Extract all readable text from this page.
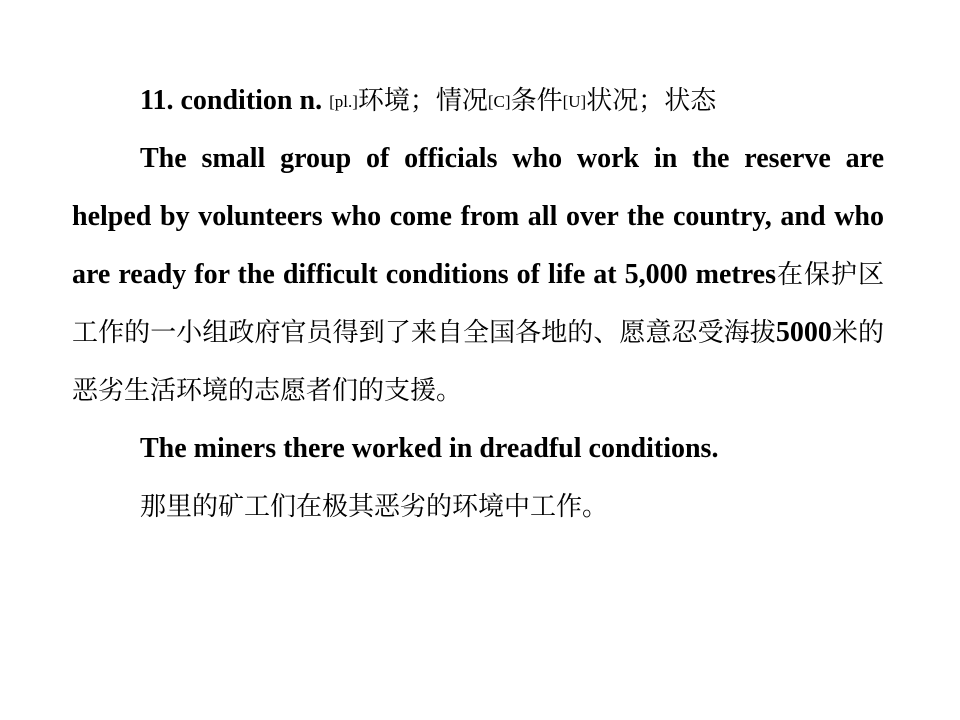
11. condition n. [pl.]环境；情况[C]条件[U]状况；状态

The small group of officials who work in the reserve are helped by volunteers who come from all over the country, and who are ready for the difficult conditions of life at 5,000 metres在保护区工作的一小组政府官员得到了来自全国各地的、愿意忍受海拔5000米的恶劣生活环境的志愿者们的支援。

The miners there worked in dreadful conditions.
那里的矿工们在极其恶劣的环境中工作。
